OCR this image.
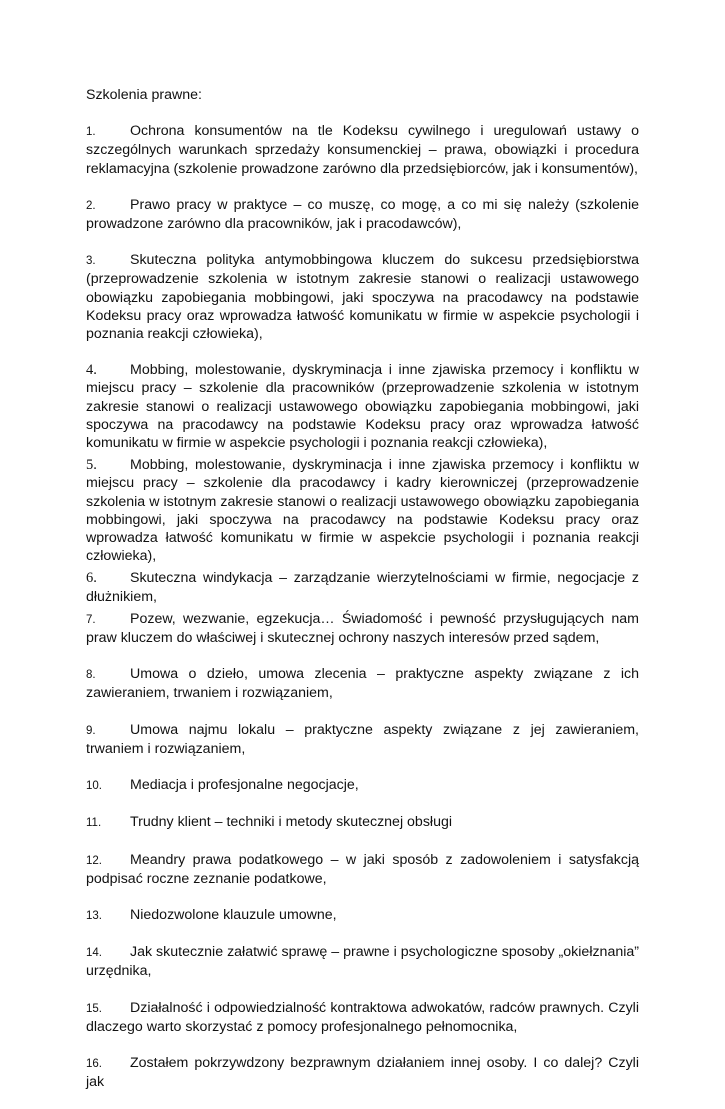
Szkolenia prawne:

1. Ochrona konsumentów na tle Kodeksu cywilnego i uregulowań ustawy o szczególnych warunkach sprzedaży konsumenckiej – prawa, obowiązki i procedura reklamacyjna (szkolenie prowadzone zarówno dla przedsiębiorców, jak i konsumentów),

2. Prawo pracy w praktyce – co muszę, co mogę, a co mi się należy (szkolenie prowadzone zarówno dla pracowników, jak i pracodawców),

3. Skuteczna polityka antymobbingowa kluczem do sukcesu przedsiębiorstwa (przeprowadzenie szkolenia w istotnym zakresie stanowi o realizacji ustawowego obowiązku zapobiegania mobbingowi, jaki spoczywa na pracodawcy na podstawie Kodeksu pracy oraz wprowadza łatwość komunikatu w firmie w aspekcie psychologii i poznania reakcji człowieka),

4. Mobbing, molestowanie, dyskryminacja i inne zjawiska przemocy i konfliktu w miejscu pracy – szkolenie dla pracowników (przeprowadzenie szkolenia w istotnym zakresie stanowi o realizacji ustawowego obowiązku zapobiegania mobbingowi, jaki spoczywa na pracodawcy na podstawie Kodeksu pracy oraz wprowadza łatwość komunikatu w firmie w aspekcie psychologii i poznania reakcji człowieka),

5. Mobbing, molestowanie, dyskryminacja i inne zjawiska przemocy i konfliktu w miejscu pracy – szkolenie dla pracodawcy i kadry kierowniczej (przeprowadzenie szkolenia w istotnym zakresie stanowi o realizacji ustawowego obowiązku zapobiegania mobbingowi, jaki spoczywa na pracodawcy na podstawie Kodeksu pracy oraz wprowadza łatwość komunikatu w firmie w aspekcie psychologii i poznania reakcji człowieka),

6. Skuteczna windykacja – zarządzanie wierzytelnościami w firmie, negocjacje z dłużnikiem,

7. Pozew, wezwanie, egzekucja… Świadomość i pewność przysługujących nam praw kluczem do właściwej i skutecznej ochrony naszych interesów przed sądem,

8. Umowa o dzieło, umowa zlecenia – praktyczne aspekty związane z ich zawieraniem, trwaniem i rozwiązaniem,

9. Umowa najmu lokalu – praktyczne aspekty związane z jej zawieraniem, trwaniem i rozwiązaniem,

10. Mediacja i profesjonalne negocjacje,

11. Trudny klient – techniki i metody skutecznej obsługi

12. Meandry prawa podatkowego – w jaki sposób z zadowoleniem i satysfakcją podpisać roczne zeznanie podatkowe,

13. Niedozwolone klauzule umowne,

14. Jak skutecznie załatwić sprawę – prawne i psychologiczne sposoby „okiełznania” urzędnika,

15. Działalność i odpowiedzialność kontraktowa adwokatów, radców prawnych. Czyli dlaczego warto skorzystać z pomocy profesjonalnego pełnomocnika,

16. Zostałem pokrzywdzony bezprawnym działaniem innej osoby. I co dalej? Czyli jak
